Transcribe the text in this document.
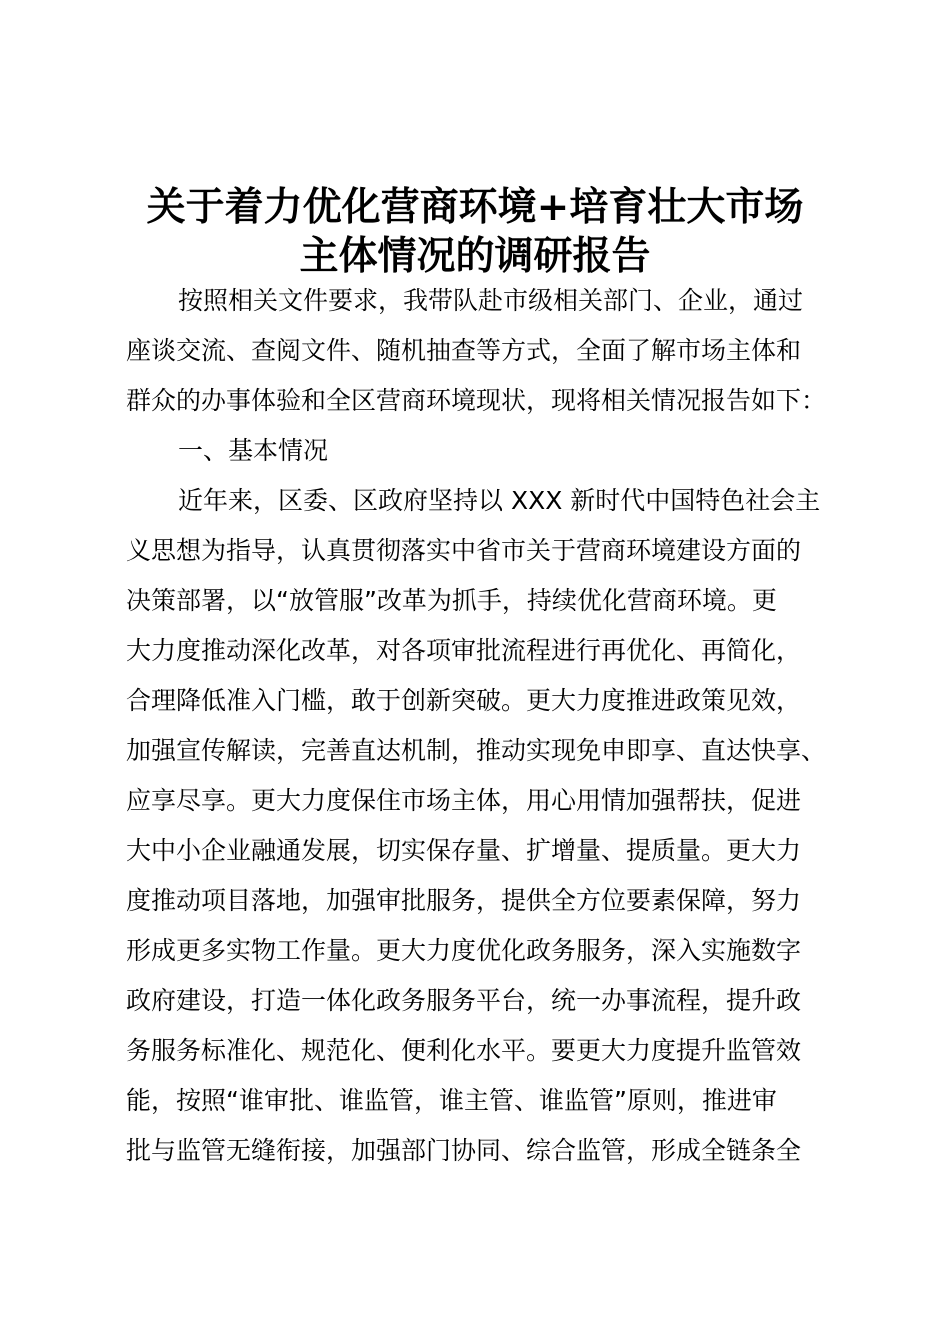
关于着力优化营商环境+培育壮大市场
主体情况的调研报告
按照相关文件要求，我带队赴市级相关部门、企业，通过
座谈交流、查阅文件、随机抽查等方式，全面了解市场主体和
群众的办事体验和全区营商环境现状，现将相关情况报告如下：
一、基本情况
近年来，区委、区政府坚持以 XXX 新时代中国特色社会主
义思想为指导，认真贯彻落实中省市关于营商环境建设方面的
决策部署，以“放管服”改革为抓手，持续优化营商环境。更
大力度推动深化改革，对各项审批流程进行再优化、再简化，
合理降低准入门槛，敢于创新突破。更大力度推进政策见效，
加强宣传解读，完善直达机制，推动实现免申即享、直达快享、
应享尽享。更大力度保住市场主体，用心用情加强帮扶，促进
大中小企业融通发展，切实保存量、扩增量、提质量。更大力
度推动项目落地，加强审批服务，提供全方位要素保障，努力
形成更多实物工作量。更大力度优化政务服务，深入实施数字
政府建设，打造一体化政务服务平台，统一办事流程，提升政
务服务标准化、规范化、便利化水平。要更大力度提升监管效
能，按照“谁审批、谁监管，谁主管、谁监管”原则，推进审
批与监管无缝衔接，加强部门协同、综合监管，形成全链条全
